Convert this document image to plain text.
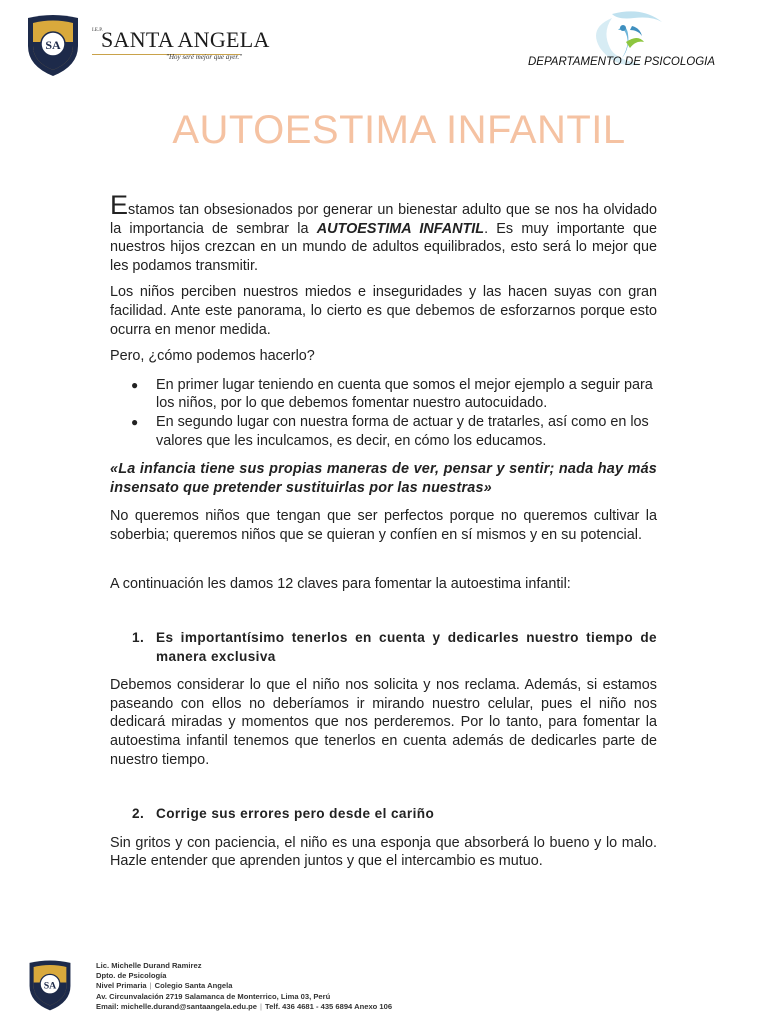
SA
I.E.P.
SANTA ANGELA
"Hoy seré mejor que ayer."	DEPARTAMENTO DE PSICOLOGIA
AUTOESTIMA INFANTIL

Estamos tan obsesionados por generar un bienestar adulto que se nos ha olvidado la importancia de sembrar la AUTOESTIMA INFANTIL. Es muy importante que nuestros hijos crezcan en un mundo de adultos equilibrados, esto será lo mejor que les podamos transmitir.

Los niños perciben nuestros miedos e inseguridades y las hacen suyas con gran facilidad. Ante este panorama, lo cierto es que debemos de esforzarnos porque esto ocurra en menor medida.

Pero, ¿cómo podemos hacerlo?

● En primer lugar teniendo en cuenta que somos el mejor ejemplo a seguir para los niños, por lo que debemos fomentar nuestro autocuidado.
● En segundo lugar con nuestra forma de actuar y de tratarles, así como en los valores que les inculcamos, es decir, en cómo los educamos.

«La infancia tiene sus propias maneras de ver, pensar y sentir; nada hay más insensato que pretender sustituirlas por las nuestras»

No queremos niños que tengan que ser perfectos porque no queremos cultivar la soberbia; queremos niños que se quieran y confíen en sí mismos y en su potencial.

A continuación les damos 12 claves para fomentar la autoestima infantil:

1. Es importantísimo tenerlos en cuenta y dedicarles nuestro tiempo de manera exclusiva

Debemos considerar lo que el niño nos solicita y nos reclama. Además, si estamos paseando con ellos no deberíamos ir mirando nuestro celular, pues el niño nos dedicará miradas y momentos que nos perderemos. Por lo tanto, para fomentar la autoestima infantil tenemos que tenerlos en cuenta además de dedicarles parte de nuestro tiempo.

2. Corrige sus errores pero desde el cariño

Sin gritos y con paciencia, el niño es una esponja que absorberá lo bueno y lo malo. Hazle entender que aprenden juntos y que el intercambio es mutuo.

SA
Lic. Michelle Durand Ramirez
Dpto. de Psicología
Nivel Primaria | Colegio Santa Angela
Av. Circunvalación 2719 Salamanca de Monterrico, Lima 03, Perú
Email: michelle.durand@santaangela.edu.pe | Telf. 436 4681 - 435 6894 Anexo 106
